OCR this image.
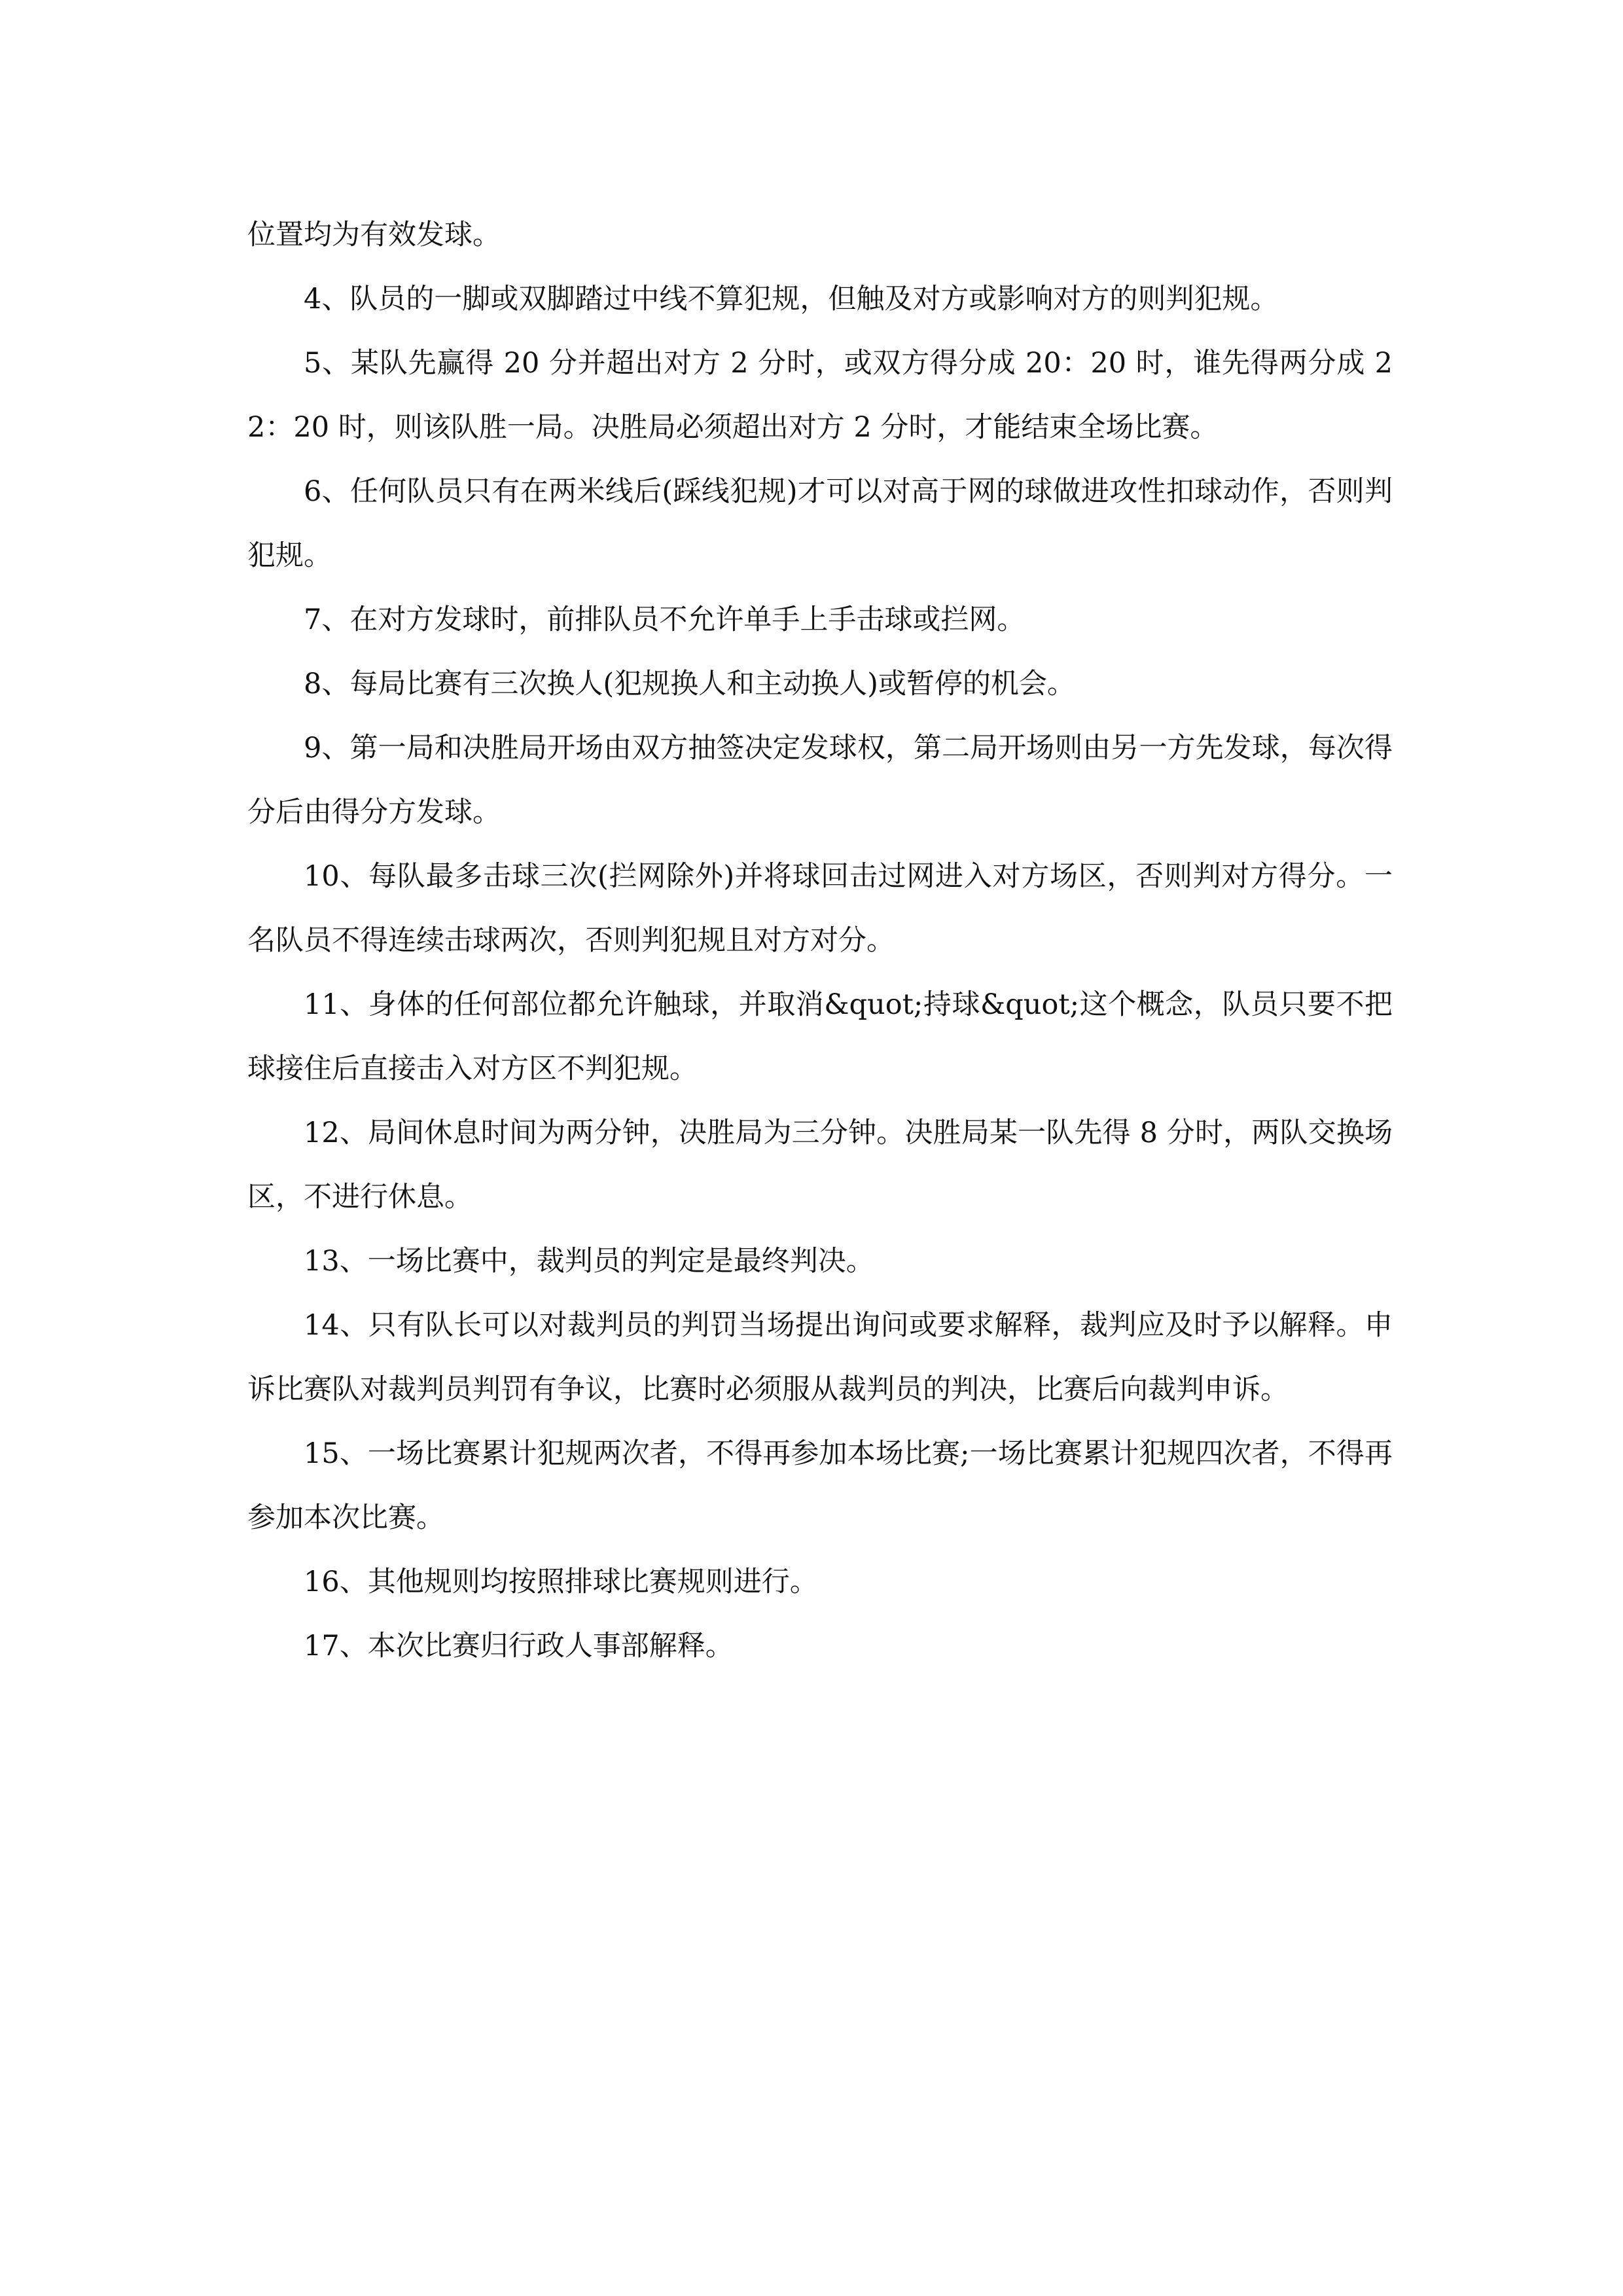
位置均为有效发球。

4、队员的一脚或双脚踏过中线不算犯规，但触及对方或影响对方的则判犯规。

5、某队先赢得 20 分并超出对方 2 分时，或双方得分成 20：20 时，谁先得两分成 22：20 时，则该队胜一局。决胜局必须超出对方 2 分时，才能结束全场比赛。

6、任何队员只有在两米线后(踩线犯规)才可以对高于网的球做进攻性扣球动作，否则判犯规。

7、在对方发球时，前排队员不允许单手上手击球或拦网。

8、每局比赛有三次换人(犯规换人和主动换人)或暂停的机会。

9、第一局和决胜局开场由双方抽签决定发球权，第二局开场则由另一方先发球，每次得分后由得分方发球。

10、每队最多击球三次(拦网除外)并将球回击过网进入对方场区，否则判对方得分。一名队员不得连续击球两次，否则判犯规且对方对分。

11、身体的任何部位都允许触球，并取消&quot;持球&quot;这个概念，队员只要不把球接住后直接击入对方区不判犯规。

12、局间休息时间为两分钟，决胜局为三分钟。决胜局某一队先得 8 分时，两队交换场区，不进行休息。

13、一场比赛中，裁判员的判定是最终判决。

14、只有队长可以对裁判员的判罚当场提出询问或要求解释，裁判应及时予以解释。申诉比赛队对裁判员判罚有争议，比赛时必须服从裁判员的判决，比赛后向裁判申诉。

15、一场比赛累计犯规两次者，不得再参加本场比赛;一场比赛累计犯规四次者，不得再参加本次比赛。

16、其他规则均按照排球比赛规则进行。

17、本次比赛归行政人事部解释。
